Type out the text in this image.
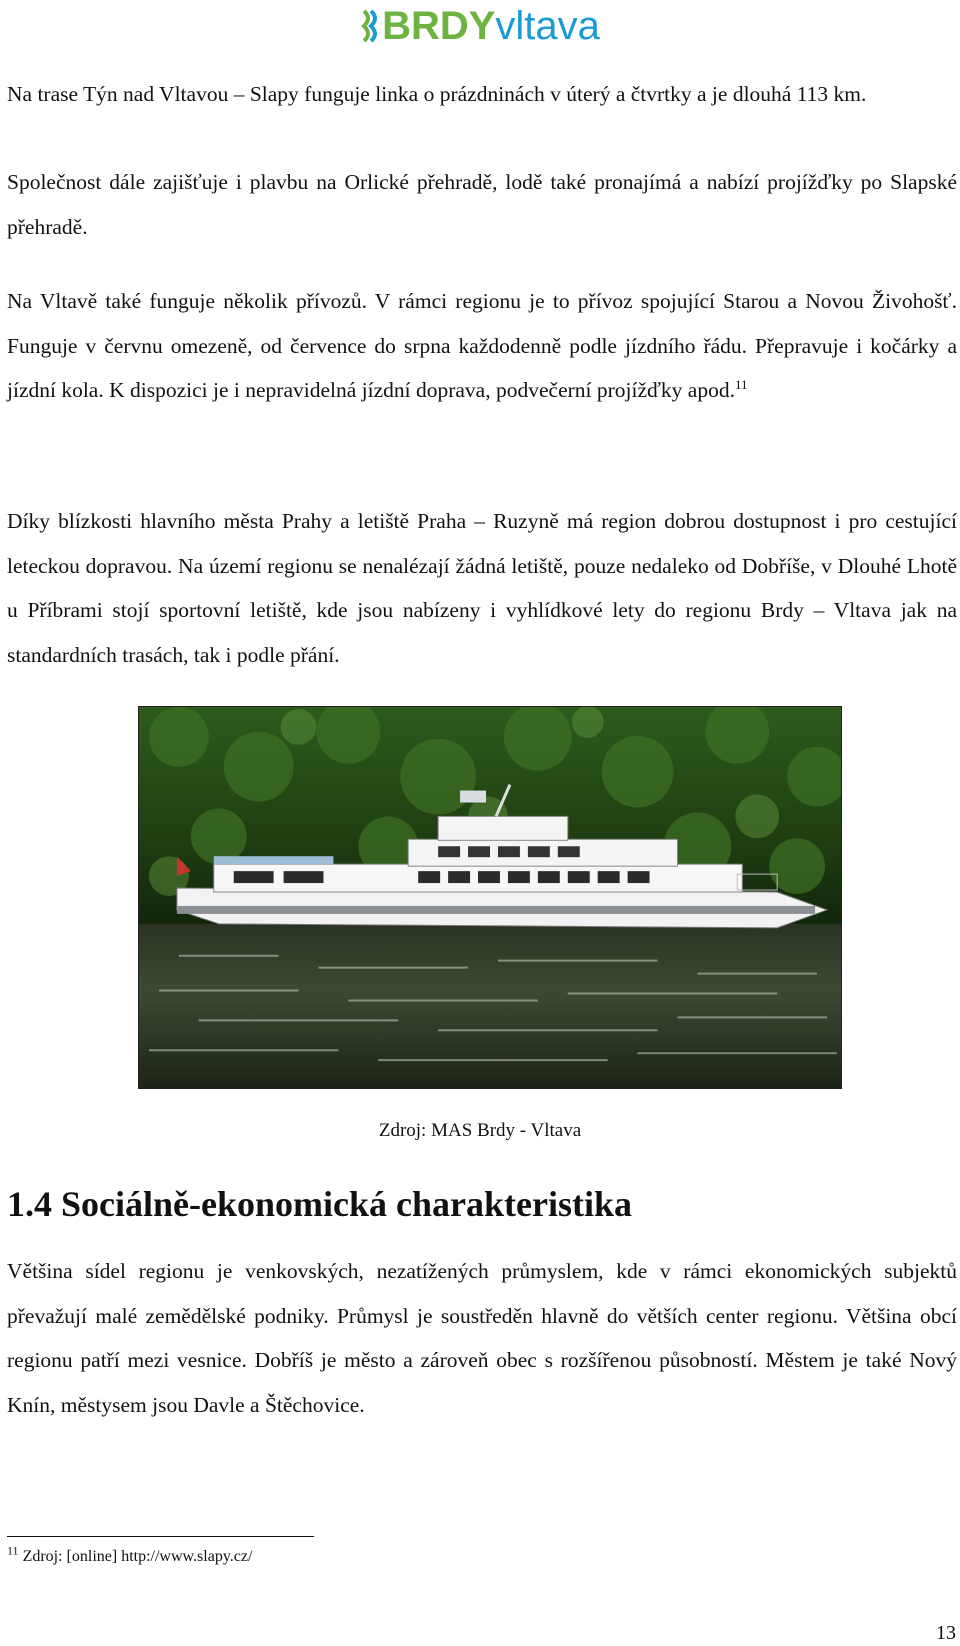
BRDY vltava

Na trase Týn nad Vltavou – Slapy funguje linka o prázdninách v úterý a čtvrtky a je dlouhá 113 km.

Společnost dále zajišťuje i plavbu na Orlické přehradě, lodě také pronajímá a nabízí projížďky po Slapské přehradě.

Na Vltavě také funguje několik přívozů. V rámci regionu je to přívoz spojující Starou a Novou Živohošť. Funguje v červnu omezeně, od července do srpna každodenně podle jízdního řádu. Přepravuje i kočárky a jízdní kola. K dispozici je i nepravidelná jízdní doprava, podvečerní projížďky apod.$^{11}$

Díky blízkosti hlavního města Prahy a letiště Praha – Ruzyně má region dobrou dostupnost i pro cestující leteckou dopravou. Na území regionu se nenalézají žádná letiště, pouze nedaleko od Dobříše, v Dlouhé Lhotě u Příbrami stojí sportovní letiště, kde jsou nabízeny i vyhlídkové lety do regionu Brdy – Vltava jak na standardních trasách, tak i podle přání.

Zdroj: MAS Brdy - Vltava

1.4 Sociálně-ekonomická charakteristika

Většina sídel regionu je venkovských, nezatížených průmyslem, kde v rámci ekonomických subjektů převažují malé zemědělské podniky. Průmysl je soustředěn hlavně do větších center regionu. Většina obcí regionu patří mezi vesnice. Dobříš je město a zároveň obec s rozšířenou působností. Městem je také Nový Knín, městysem jsou Davle a Štěchovice.

$^{11}$ Zdroj: [online] http://www.slapy.cz/

13
